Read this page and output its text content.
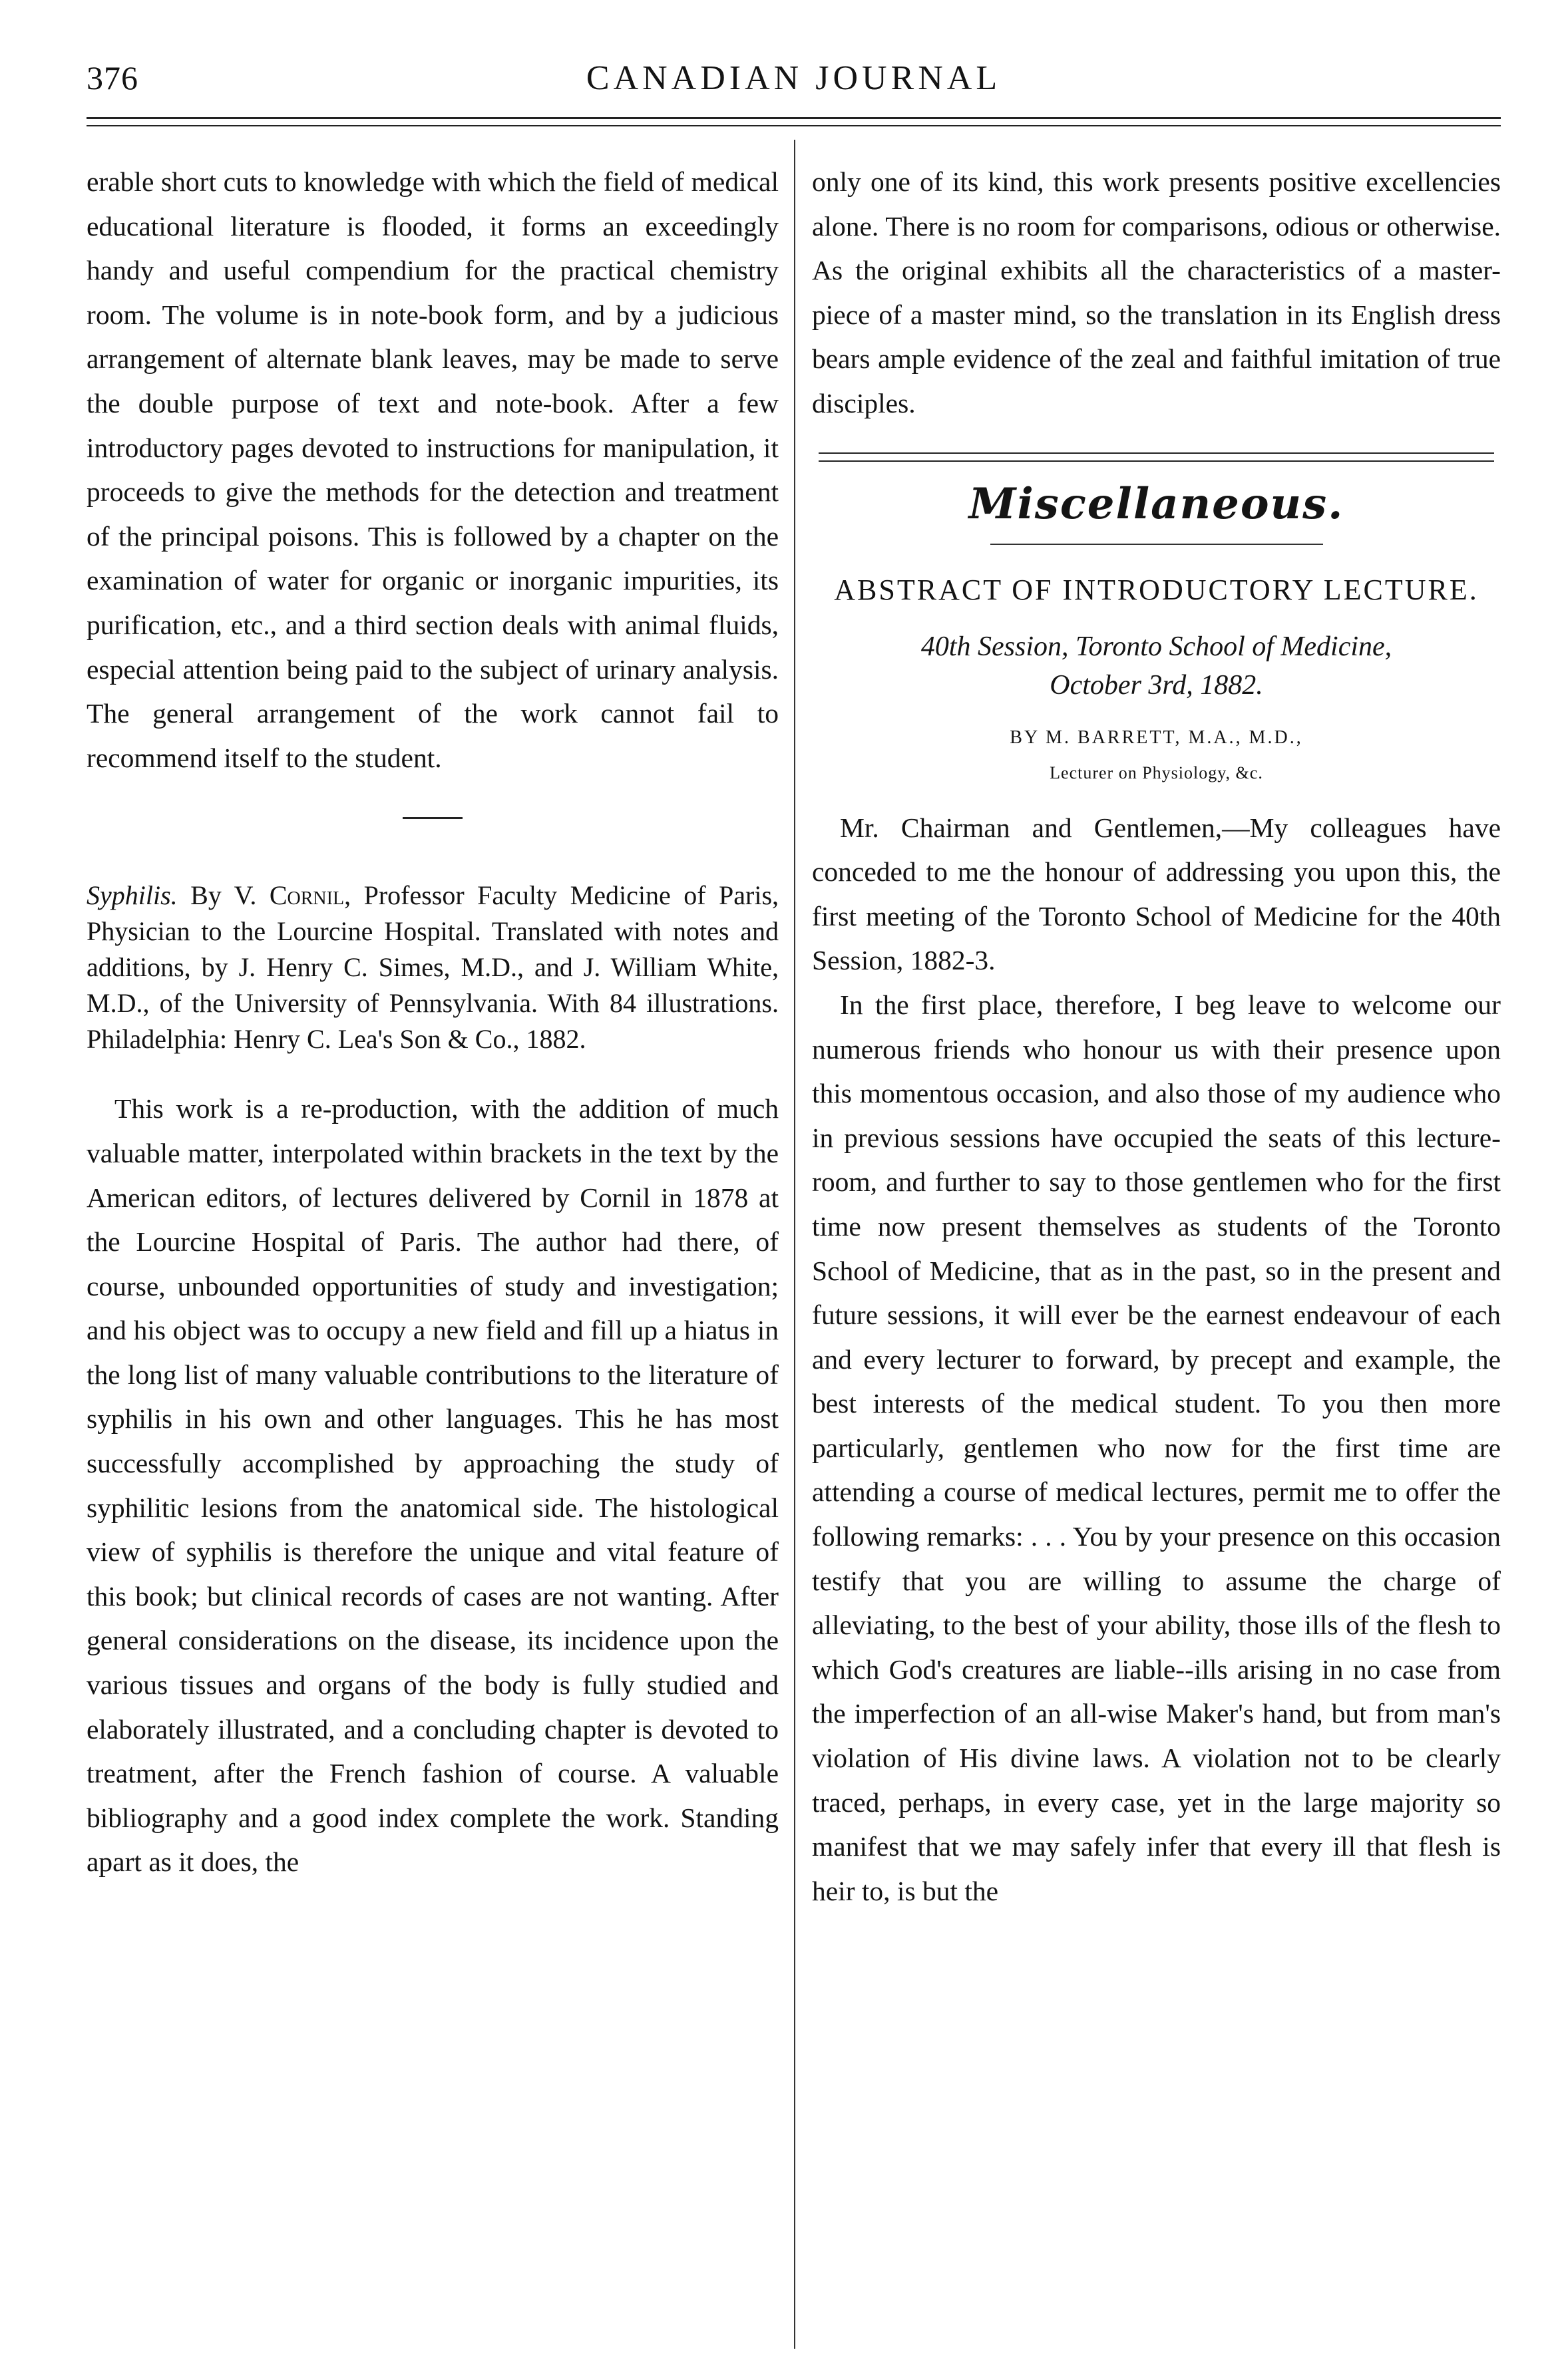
376	CANADIAN JOURNAL

erable short cuts to knowledge with which the field of medical educational literature is flooded, it forms an exceedingly handy and useful compendium for the practical chemistry room. The volume is in note-book form, and by a judicious arrangement of alternate blank leaves, may be made to serve the double purpose of text and note-book. After a few introductory pages devoted to instructions for manipulation, it proceeds to give the methods for the detection and treatment of the principal poisons. This is followed by a chapter on the examination of water for organic or inorganic impurities, its purification, etc., and a third section deals with animal fluids, especial attention being paid to the subject of urinary analysis. The general arrangement of the work cannot fail to recommend itself to the student.

Syphilis. By V. Cornil, Professor Faculty Medicine of Paris, Physician to the Lourcine Hospital. Translated with notes and additions, by J. Henry C. Simes, M.D., and J. William White, M.D., of the University of Pennsylvania. With 84 illustrations. Philadelphia: Henry C. Lea's Son & Co., 1882.

This work is a re-production, with the addition of much valuable matter, interpolated within brackets in the text by the American editors, of lectures delivered by Cornil in 1878 at the Lourcine Hospital of Paris. The author had there, of course, unbounded opportunities of study and investigation; and his object was to occupy a new field and fill up a hiatus in the long list of many valuable contributions to the literature of syphilis in his own and other languages. This he has most successfully accomplished by approaching the study of syphilitic lesions from the anatomical side. The histological view of syphilis is therefore the unique and vital feature of this book; but clinical records of cases are not wanting. After general considerations on the disease, its incidence upon the various tissues and organs of the body is fully studied and elaborately illustrated, and a concluding chapter is devoted to treatment, after the French fashion of course. A valuable bibliography and a good index complete the work. Standing apart as it does, the

only one of its kind, this work presents positive excellencies alone. There is no room for comparisons, odious or otherwise. As the original exhibits all the characteristics of a master-piece of a master mind, so the translation in its English dress bears ample evidence of the zeal and faithful imitation of true disciples.

Miscellaneous.
ABSTRACT OF INTRODUCTORY LECTURE.
40th Session, Toronto School of Medicine,
October 3rd, 1882.
BY M. BARRETT, M.A., M.D.,
Lecturer on Physiology, &c.

Mr. Chairman and Gentlemen,—My colleagues have conceded to me the honour of addressing you upon this, the first meeting of the Toronto School of Medicine for the 40th Session, 1882-3.

In the first place, therefore, I beg leave to welcome our numerous friends who honour us with their presence upon this momentous occasion, and also those of my audience who in previous sessions have occupied the seats of this lecture-room, and further to say to those gentlemen who for the first time now present themselves as students of the Toronto School of Medicine, that as in the past, so in the present and future sessions, it will ever be the earnest endeavour of each and every lecturer to forward, by precept and example, the best interests of the medical student. To you then more particularly, gentlemen who now for the first time are attending a course of medical lectures, permit me to offer the following remarks: . . . You by your presence on this occasion testify that you are willing to assume the charge of alleviating, to the best of your ability, those ills of the flesh to which God's creatures are liable--ills arising in no case from the imperfection of an all-wise Maker's hand, but from man's violation of His divine laws. A violation not to be clearly traced, perhaps, in every case, yet in the large majority so manifest that we may safely infer that every ill that flesh is heir to, is but the
